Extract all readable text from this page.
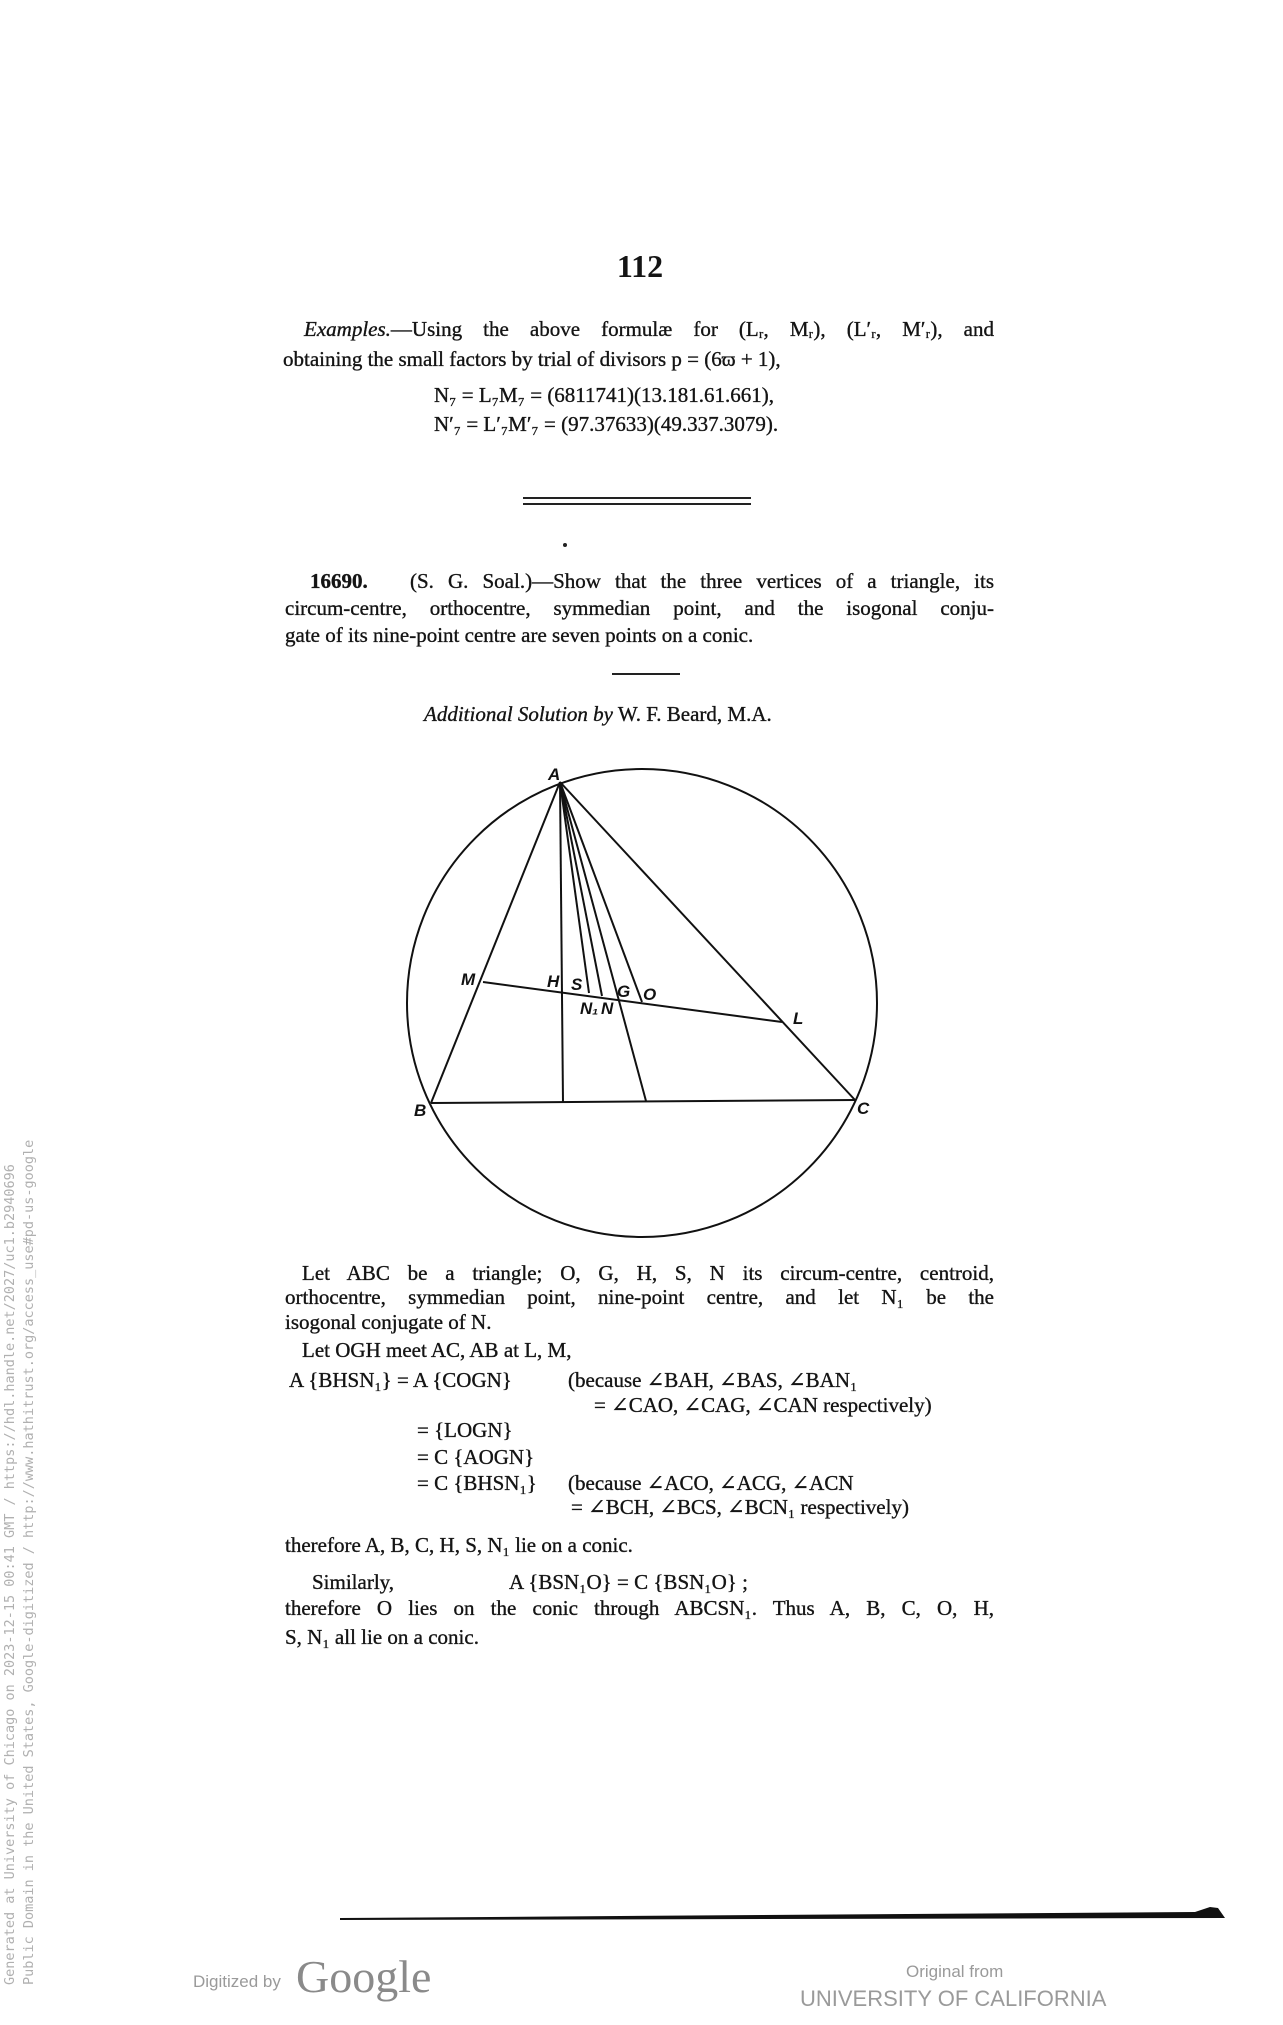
112
Examples.—Using the above formulæ for (Lᵣ, Mᵣ), (L′ᵣ, M′ᵣ), and
obtaining the small factors by trial of divisors p = (6ϖ + 1),
N₇ = L₇M₇ = (6811741)(13.181.61.661),
N′₇ = L′₇M′₇ = (97.37633)(49.337.3079).
16690. (S. G. Soal.)—Show that the three vertices of a triangle, its
circum-centre, orthocentre, symmedian point, and the isogonal conju-
gate of its nine-point centre are seven points on a conic.
Additional Solution by W. F. Beard, M.A.
A
B	C
M
L
H S G O
N₁ N
Let ABC be a triangle; O, G, H, S, N its circum-centre, centroid,
orthocentre, symmedian point, nine-point centre, and let N₁ be the
isogonal conjugate of N.
Let OGH meet AC, AB at L, M,
A {BHSN₁} = A {COGN}	(because ∠BAH, ∠BAS, ∠BAN₁
= ∠CAO, ∠CAG, ∠CAN respectively)
= {LOGN}
= C {AOGN}
= C {BHSN₁} (because ∠ACO, ∠ACG, ∠ACN
= ∠BCH, ∠BCS, ∠BCN₁ respectively)
therefore A, B, C, H, S, N₁ lie on a conic.
Similarly,	A {BSN₁O} = C {BSN₁O} ;
therefore O lies on the conic through ABCSN₁. Thus A, B, C, O, H,
S, N₁ all lie on a conic.
Generated at University of Chicago on 2023-12-15 00:41 GMT / https://hdl.handle.net/2027/uc1.b2940696 Public Domain in the United States, Google-digitized / http://www.hathitrust.org/access_use#pd-us-google	Digitized by Google	Original from
UNIVERSITY OF CALIFORNIA
